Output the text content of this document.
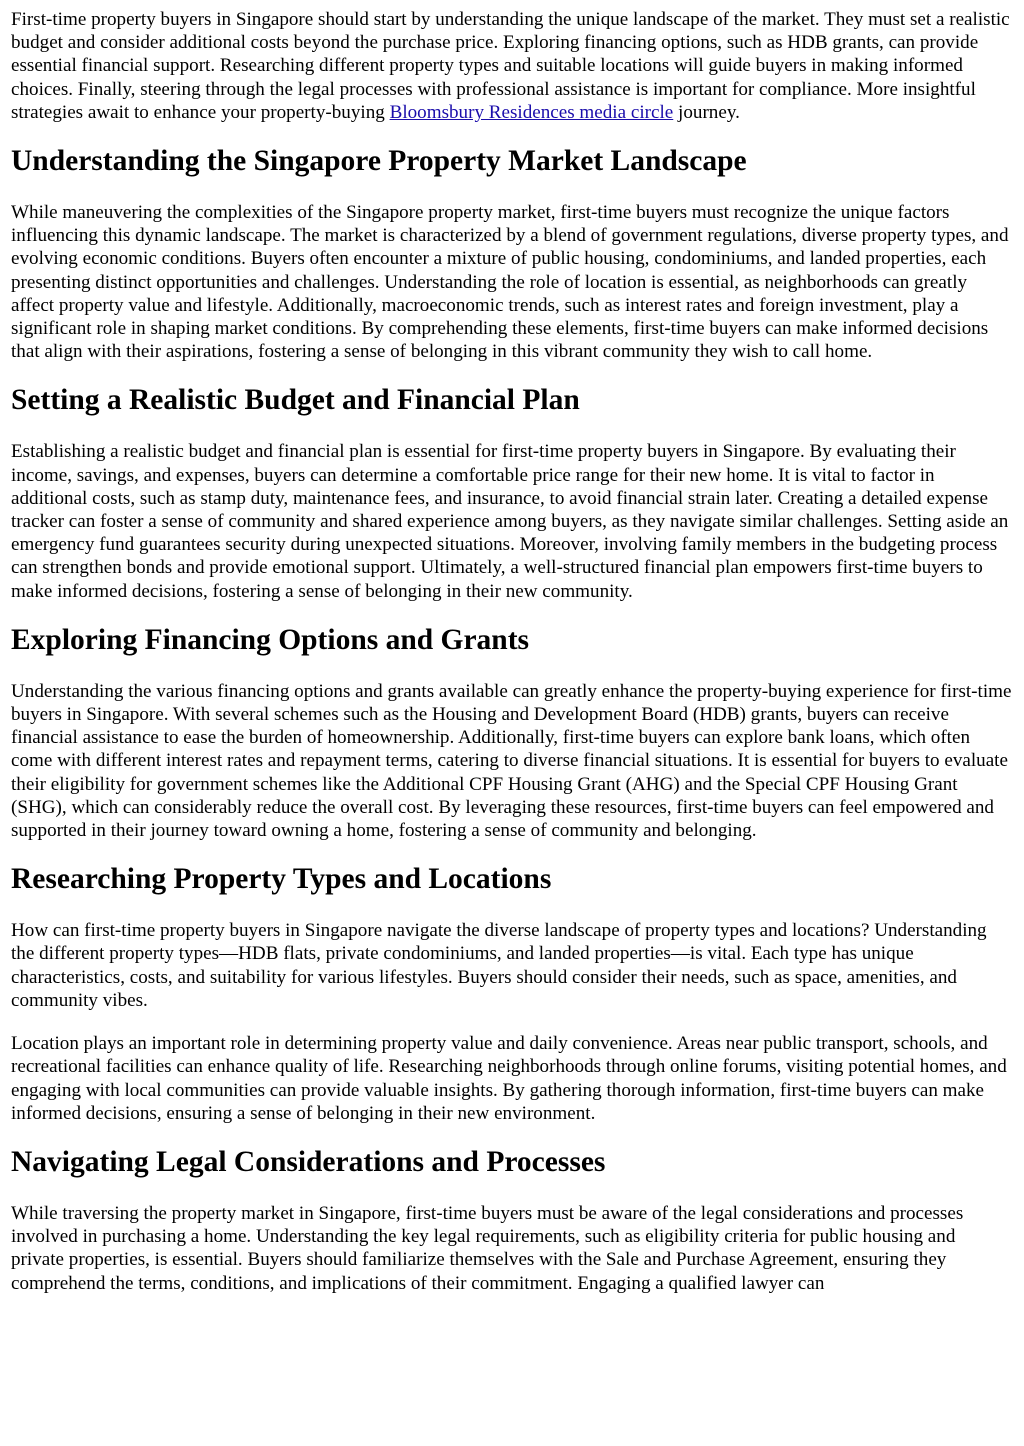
First-time property buyers in Singapore should start by understanding the unique landscape of the market. They must set a realistic budget and consider additional costs beyond the purchase price. Exploring financing options, such as HDB grants, can provide essential financial support. Researching different property types and suitable locations will guide buyers in making informed choices. Finally, steering through the legal processes with professional assistance is important for compliance. More insightful strategies await to enhance your property-buying Bloomsbury Residences media circle journey.

Understanding the Singapore Property Market Landscape

While maneuvering the complexities of the Singapore property market, first-time buyers must recognize the unique factors influencing this dynamic landscape. The market is characterized by a blend of government regulations, diverse property types, and evolving economic conditions. Buyers often encounter a mixture of public housing, condominiums, and landed properties, each presenting distinct opportunities and challenges. Understanding the role of location is essential, as neighborhoods can greatly affect property value and lifestyle. Additionally, macroeconomic trends, such as interest rates and foreign investment, play a significant role in shaping market conditions. By comprehending these elements, first-time buyers can make informed decisions that align with their aspirations, fostering a sense of belonging in this vibrant community they wish to call home.

Setting a Realistic Budget and Financial Plan

Establishing a realistic budget and financial plan is essential for first-time property buyers in Singapore. By evaluating their income, savings, and expenses, buyers can determine a comfortable price range for their new home. It is vital to factor in additional costs, such as stamp duty, maintenance fees, and insurance, to avoid financial strain later. Creating a detailed expense tracker can foster a sense of community and shared experience among buyers, as they navigate similar challenges. Setting aside an emergency fund guarantees security during unexpected situations. Moreover, involving family members in the budgeting process can strengthen bonds and provide emotional support. Ultimately, a well-structured financial plan empowers first-time buyers to make informed decisions, fostering a sense of belonging in their new community.

Exploring Financing Options and Grants

Understanding the various financing options and grants available can greatly enhance the property-buying experience for first-time buyers in Singapore. With several schemes such as the Housing and Development Board (HDB) grants, buyers can receive financial assistance to ease the burden of homeownership. Additionally, first-time buyers can explore bank loans, which often come with different interest rates and repayment terms, catering to diverse financial situations. It is essential for buyers to evaluate their eligibility for government schemes like the Additional CPF Housing Grant (AHG) and the Special CPF Housing Grant (SHG), which can considerably reduce the overall cost. By leveraging these resources, first-time buyers can feel empowered and supported in their journey toward owning a home, fostering a sense of community and belonging.

Researching Property Types and Locations

How can first-time property buyers in Singapore navigate the diverse landscape of property types and locations? Understanding the different property types—HDB flats, private condominiums, and landed properties—is vital. Each type has unique characteristics, costs, and suitability for various lifestyles. Buyers should consider their needs, such as space, amenities, and community vibes.

Location plays an important role in determining property value and daily convenience. Areas near public transport, schools, and recreational facilities can enhance quality of life. Researching neighborhoods through online forums, visiting potential homes, and engaging with local communities can provide valuable insights. By gathering thorough information, first-time buyers can make informed decisions, ensuring a sense of belonging in their new environment.

Navigating Legal Considerations and Processes

While traversing the property market in Singapore, first-time buyers must be aware of the legal considerations and processes involved in purchasing a home. Understanding the key legal requirements, such as eligibility criteria for public housing and private properties, is essential. Buyers should familiarize themselves with the Sale and Purchase Agreement, ensuring they comprehend the terms, conditions, and implications of their commitment. Engaging a qualified lawyer can
